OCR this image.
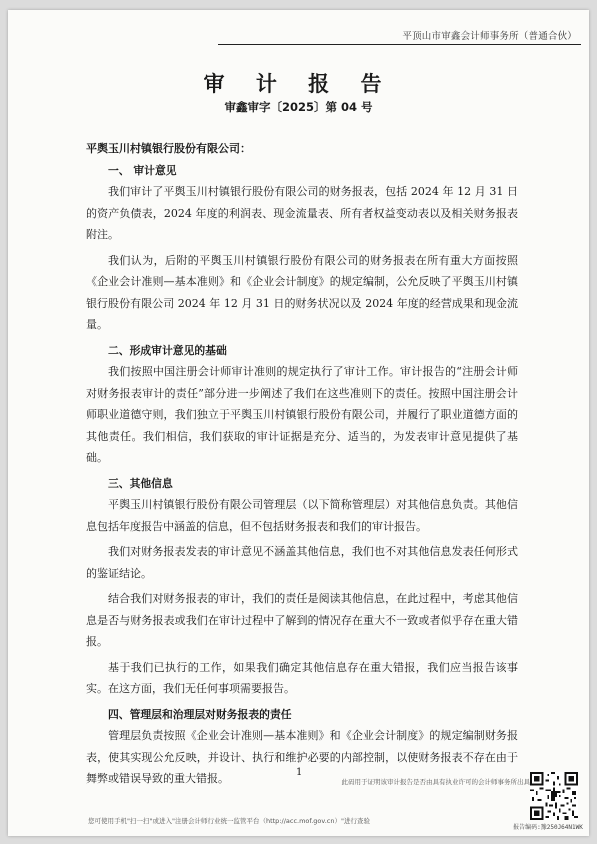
平顶山市审鑫会计师事务所（普通合伙）
审 计 报 告
审鑫审字〔2025〕第 04 号

平舆玉川村镇银行股份有限公司：

一、 审计意见

我们审计了平舆玉川村镇银行股份有限公司的财务报表，包括 2024 年 12 月 31 日的资产负债表，2024 年度的利润表、现金流量表、所有者权益变动表以及相关财务报表附注。

我们认为，后附的平舆玉川村镇银行股份有限公司的财务报表在所有重大方面按照《企业会计准则—基本准则》和《企业会计制度》的规定编制，公允反映了平舆玉川村镇银行股份有限公司 2024 年 12 月 31 日的财务状况以及 2024 年度的经营成果和现金流量。

二、形成审计意见的基础

我们按照中国注册会计师审计准则的规定执行了审计工作。审计报告的“注册会计师对财务报表审计的责任”部分进一步阐述了我们在这些准则下的责任。按照中国注册会计师职业道德守则，我们独立于平舆玉川村镇银行股份有限公司，并履行了职业道德方面的其他责任。我们相信，我们获取的审计证据是充分、适当的，为发表审计意见提供了基础。

三、其他信息

平舆玉川村镇银行股份有限公司管理层（以下简称管理层）对其他信息负责。其他信息包括年度报告中涵盖的信息，但不包括财务报表和我们的审计报告。

我们对财务报表发表的审计意见不涵盖其他信息，我们也不对其他信息发表任何形式的鉴证结论。

结合我们对财务报表的审计，我们的责任是阅读其他信息，在此过程中，考虑其他信息是否与财务报表或我们在审计过程中了解到的情况存在重大不一致或者似乎存在重大错报。

基于我们已执行的工作，如果我们确定其他信息存在重大错报，我们应当报告该事实。在这方面，我们无任何事项需要报告。

四、管理层和治理层对财务报表的责任

管理层负责按照《企业会计准则—基本准则》和《企业会计制度》的规定编制财务报表，使其实现公允反映，并设计、执行和维护必要的内部控制，以使财务报表不存在由于舞弊或错误导致的重大错报。	1
此码用于证明该审计报告是否由具有执业许可的会计师事务所出具
您可使用手机"扫一扫"或进入"注册会计师行业统一监管平台（http://acc.mof.gov.cn）"进行查验
报告编码:豫250J64N1WK
